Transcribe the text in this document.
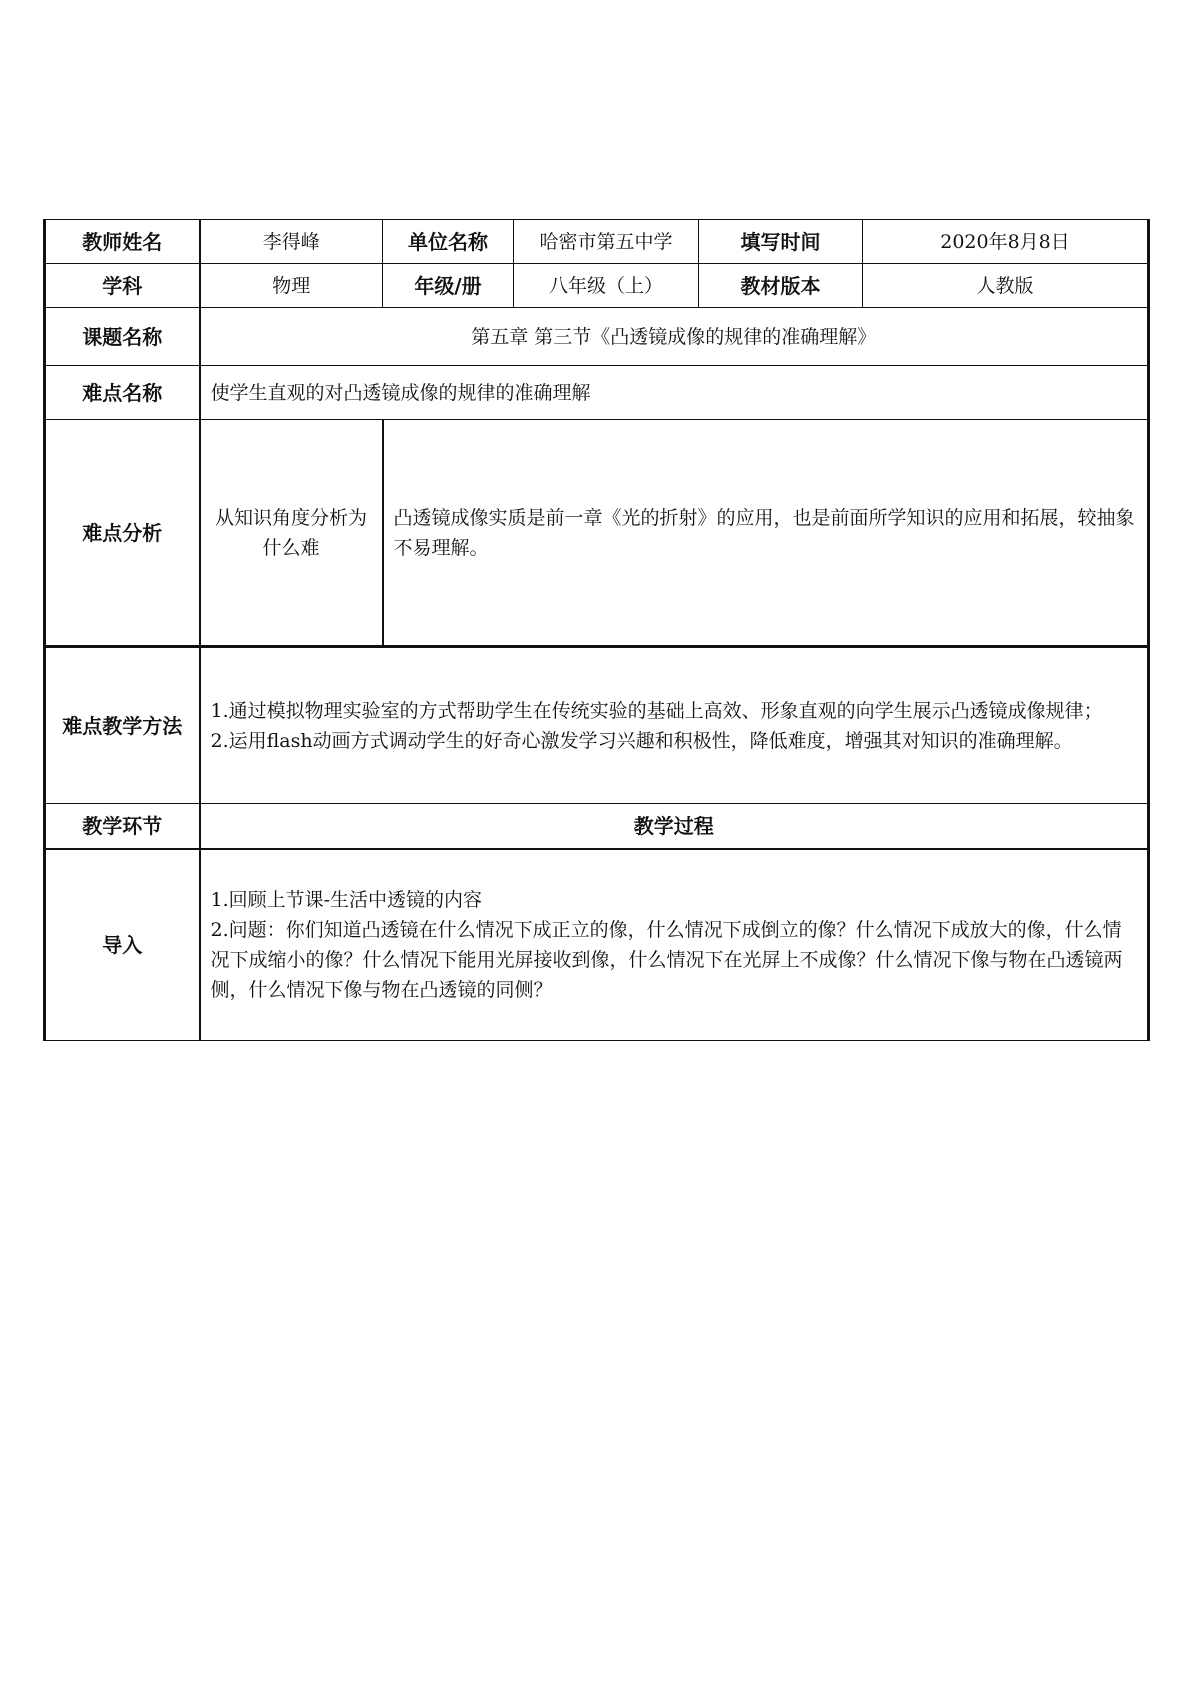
教师姓名	李得峰	单位名称	哈密市第五中学	填写时间	2020年8月8日
学科	物理	年级/册	八年级（上）	教材版本	人教版
课题名称	第五章 第三节《凸透镜成像的规律的准确理解》				
难点名称	使学生直观的对凸透镜成像的规律的准确理解				
难点分析	从知识角度分析为什么难	凸透镜成像实质是前一章《光的折射》的应用，也是前面所学知识的应用和拓展，较抽象不易理解。			
难点教学方法	1.通过模拟物理实验室的方式帮助学生在传统实验的基础上高效、形象直观的向学生展示凸透镜成像规律；
2.运用flash动画方式调动学生的好奇心激发学习兴趣和积极性，降低难度，增强其对知识的准确理解。				

教学环节	教学过程				
导入	1.回顾上节课-生活中透镜的内容
2.问题：你们知道凸透镜在什么情况下成正立的像，什么情况下成倒立的像？什么情况下成放大的像，什么情况下成缩小的像？什么情况下能用光屏接收到像，什么情况下在光屏上不成像？什么情况下像与物在凸透镜两侧，什么情况下像与物在凸透镜的同侧？				
